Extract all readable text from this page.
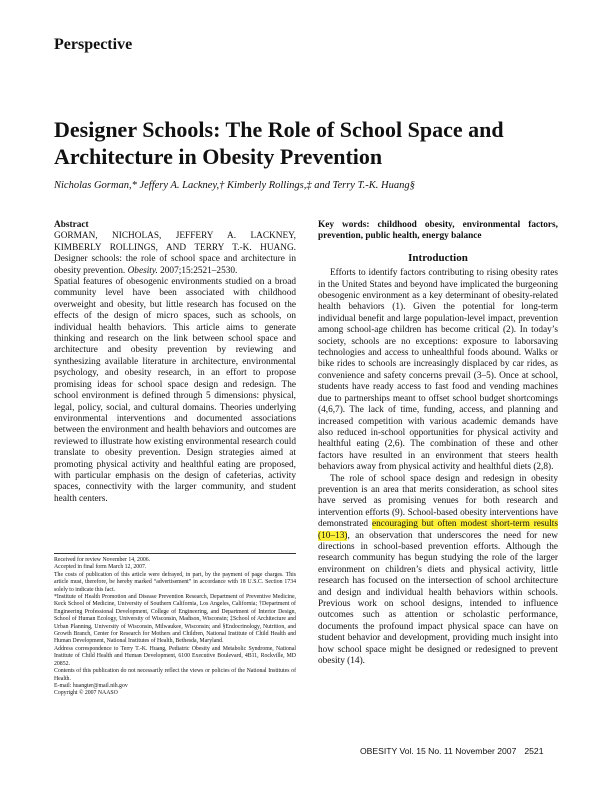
Perspective
Designer Schools: The Role of School Space and Architecture in Obesity Prevention

Nicholas Gorman,* Jeffery A. Lackney,† Kimberly Rollings,‡ and Terry T.-K. Huang§

Abstract

GORMAN, NICHOLAS, JEFFERY A. LACKNEY, KIMBERLY ROLLINGS, AND TERRY T.-K. HUANG. Designer schools: the role of school space and architecture in obesity prevention. Obesity. 2007;15:2521–2530.

Spatial features of obesogenic environments studied on a broad community level have been associated with childhood overweight and obesity, but little research has focused on the effects of the design of micro spaces, such as schools, on individual health behaviors. This article aims to generate thinking and research on the link between school space and architecture and obesity prevention by reviewing and synthesizing available literature in architecture, environmental psychology, and obesity research, in an effort to propose promising ideas for school space design and redesign. The school environment is defined through 5 dimensions: physical, legal, policy, social, and cultural domains. Theories underlying environmental interventions and documented associations between the environment and health behaviors and outcomes are reviewed to illustrate how existing environmental research could translate to obesity prevention. Design strategies aimed at promoting physical activity and healthful eating are proposed, with particular emphasis on the design of cafeterias, activity spaces, connectivity with the larger community, and student health centers.

Received for review November 14, 2006.

Accepted in final form March 12, 2007.

The costs of publication of this article were defrayed, in part, by the payment of page charges. This article must, therefore, be hereby marked “advertisement” in accordance with 18 U.S.C. Section 1734 solely to indicate this fact.

*Institute of Health Promotion and Disease Prevention Research, Department of Preventive Medicine, Keck School of Medicine, University of Southern California, Los Angeles, California; †Department of Engineering Professional Development, College of Engineering, and Department of Interior Design, School of Human Ecology, University of Wisconsin, Madison, Wisconsin; ‡School of Architecture and Urban Planning, University of Wisconsin, Milwaukee, Wisconsin; and §Endocrinology, Nutrition, and Growth Branch, Center for Research for Mothers and Children, National Institute of Child Health and Human Development, National Institutes of Health, Bethesda, Maryland.

Address correspondence to Terry T.-K. Huang, Pediatric Obesity and Metabolic Syndrome, National Institute of Child Health and Human Development, 6100 Executive Boulevard, 4B11, Rockville, MD 20852.

Contents of this publication do not necessarily reflect the views or policies of the National Institutes of Health.

E-mail: huangter@mail.nih.gov

Copyright © 2007 NAASO

Key words: childhood obesity, environmental factors, prevention, public health, energy balance

Introduction

Efforts to identify factors contributing to rising obesity rates in the United States and beyond have implicated the burgeoning obesogenic environment as a key determinant of obesity-related health behaviors (1). Given the potential for long-term individual benefit and large population-level impact, prevention among school-age children has become critical (2). In today’s society, schools are no exceptions: exposure to laborsaving technologies and access to unhealthful foods abound. Walks or bike rides to schools are increasingly displaced by car rides, as convenience and safety concerns prevail (3–5). Once at school, students have ready access to fast food and vending machines due to partnerships meant to offset school budget shortcomings (4,6,7). The lack of time, funding, access, and planning and increased competition with various academic demands have also reduced in-school opportunities for physical activity and healthful eating (2,6). The combination of these and other factors have resulted in an environment that steers health behaviors away from physical activity and healthful diets (2,8).

The role of school space design and redesign in obesity prevention is an area that merits consideration, as school sites have served as promising venues for both research and intervention efforts (9). School-based obesity interventions have demonstrated encouraging but often modest short-term results (10–13), an observation that underscores the need for new directions in school-based prevention efforts. Although the research community has begun studying the role of the larger environment on children’s diets and physical activity, little research has focused on the intersection of school architecture and design and individual health behaviors within schools. Previous work on school designs, intended to influence outcomes such as attention or scholastic performance, documents the profound impact physical space can have on student behavior and development, providing much insight into how school space might be designed or redesigned to prevent obesity (14).

OBESITY Vol. 15 No. 11 November 2007 2521
